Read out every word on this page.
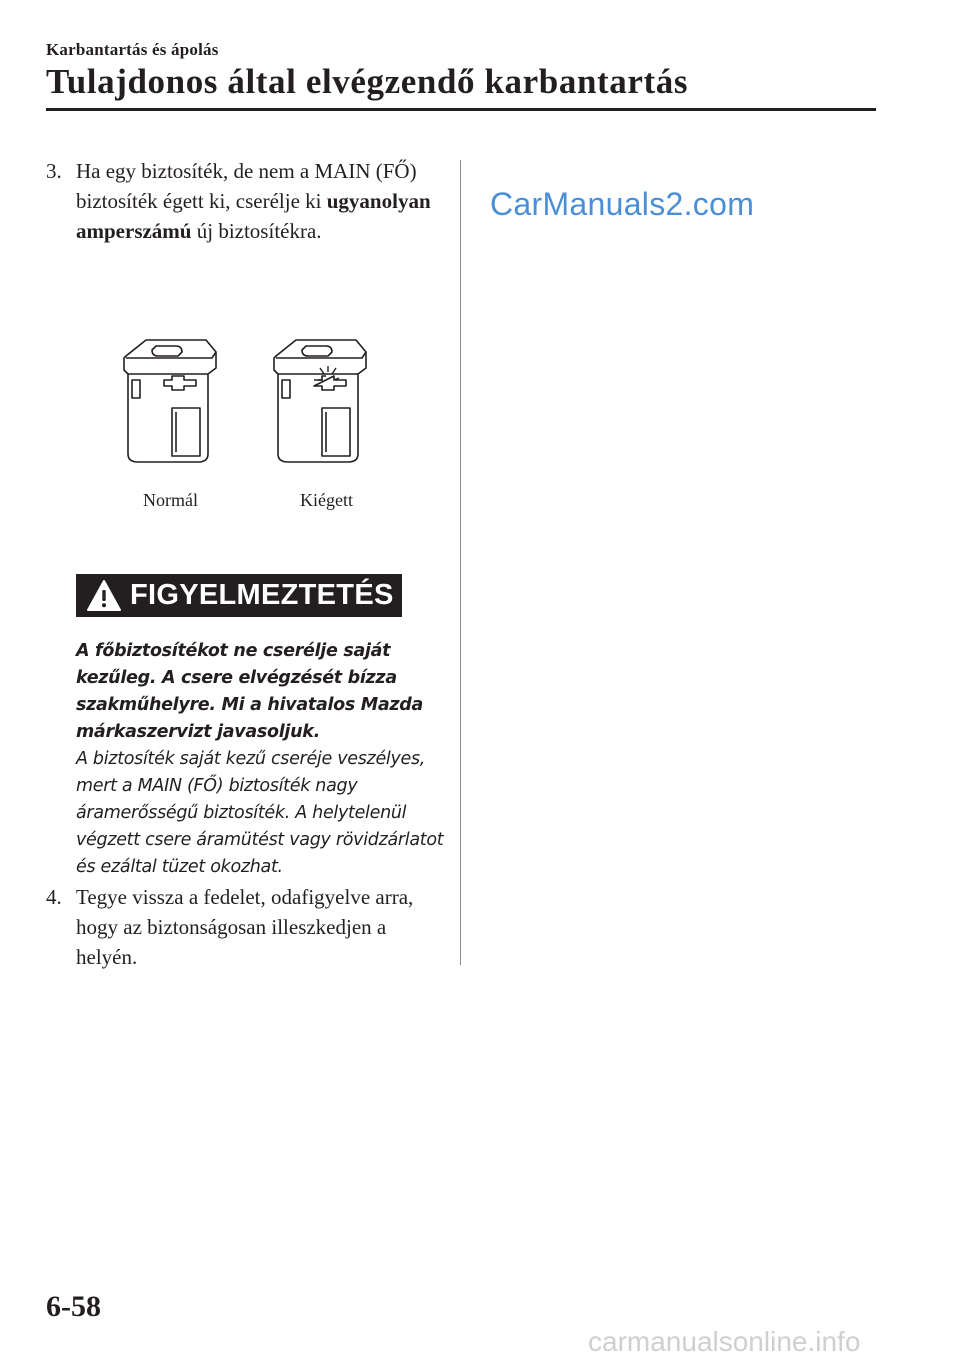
Karbantartás és ápolás
Tulajdonos által elvégzendő karbantartás
3. Ha egy biztosíték, de nem a MAIN (FŐ) biztosíték égett ki, cserélje ki ugyanolyan amperszámú új biztosítékra.
Normál	Kiégett
FIGYELMEZTETÉS

A főbiztosítékot ne cserélje saját kezűleg. A csere elvégzését bízza szakműhelyre. Mi a hivatalos Mazda márkaszervizt javasoljuk.

A biztosíték saját kezű cseréje veszélyes, mert a MAIN (FŐ) biztosíték nagy áramerősségű biztosíték. A helytelenül végzett csere áramütést vagy rövidzárlatot és ezáltal tüzet okozhat.

4. Tegye vissza a fedelet, odafigyelve arra, hogy az biztonságosan illeszkedjen a helyén.
CarManuals2.com
6-58
carmanualsonline.info
